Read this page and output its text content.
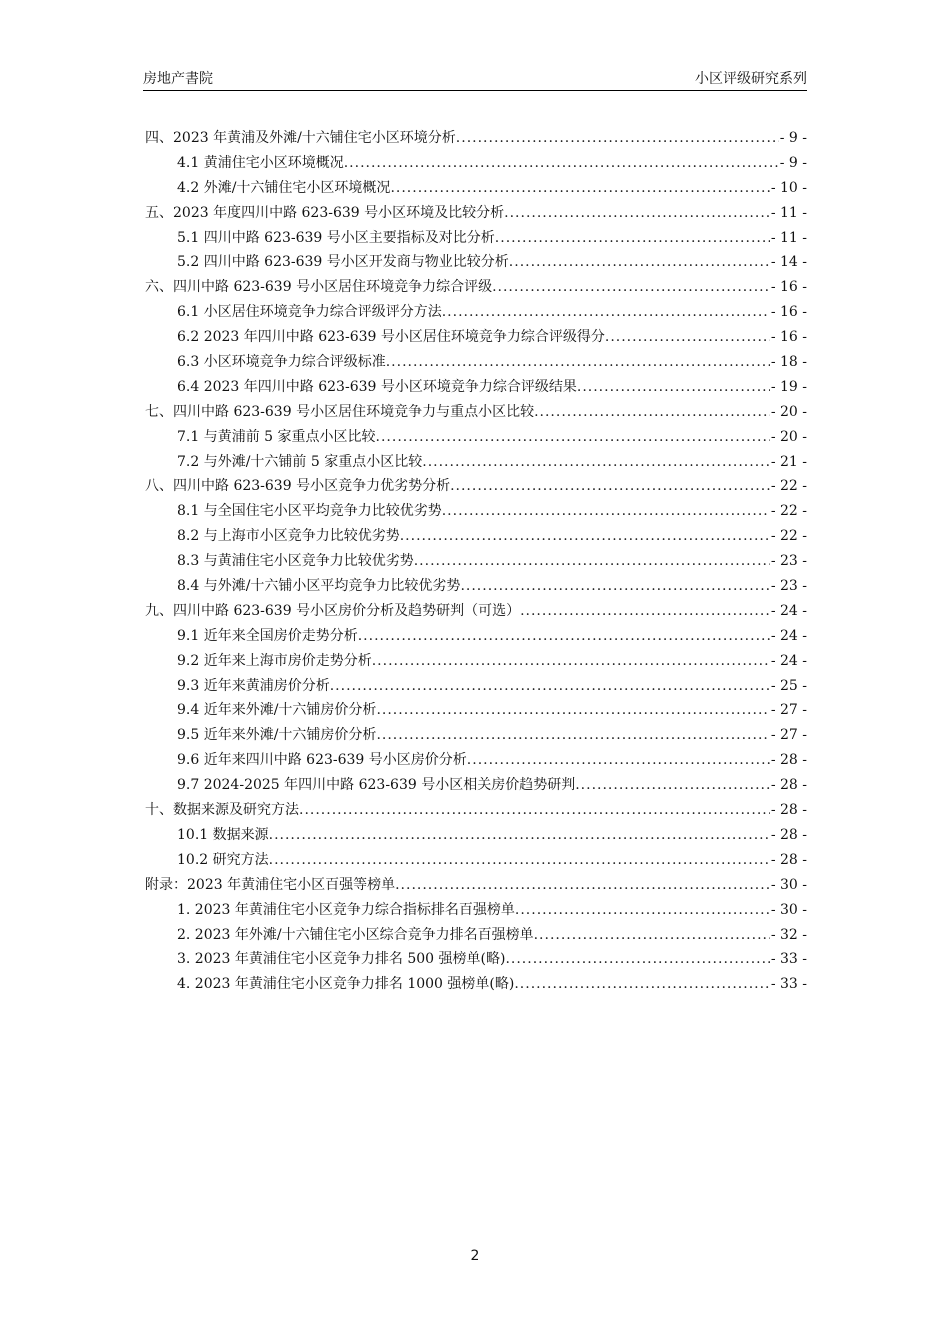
房地产書院	小区评级研究系列
四、2023 年黄浦及外滩/十六铺住宅小区环境分析 .....	- 9 -
4.1 黄浦住宅小区环境概况 .....	- 9 -
4.2 外滩/十六铺住宅小区环境概况 .....	- 10 -
五、2023 年度四川中路 623-639 号小区环境及比较分析 .....	- 11 -
5.1 四川中路 623-639 号小区主要指标及对比分析 .....	- 11 -
5.2 四川中路 623-639 号小区开发商与物业比较分析 .....	- 14 -
六、四川中路 623-639 号小区居住环境竞争力综合评级 .....	- 16 -
6.1 小区居住环境竞争力综合评级评分方法 .....	- 16 -
6.2 2023 年四川中路 623-639 号小区居住环境竞争力综合评级得分 .....	- 16 -
6.3 小区环境竞争力综合评级标准 .....	- 18 -
6.4 2023 年四川中路 623-639 号小区环境竞争力综合评级结果 .....	- 19 -
七、四川中路 623-639 号小区居住环境竞争力与重点小区比较 .....	- 20 -
7.1 与黄浦前 5 家重点小区比较 .....	- 20 -
7.2 与外滩/十六铺前 5 家重点小区比较 .....	- 21 -
八、四川中路 623-639 号小区竞争力优劣势分析 .....	- 22 -
8.1 与全国住宅小区平均竞争力比较优劣势 .....	- 22 -
8.2 与上海市小区竞争力比较优劣势 .....	- 22 -
8.3 与黄浦住宅小区竞争力比较优劣势 .....	- 23 -
8.4 与外滩/十六铺小区平均竞争力比较优劣势 .....	- 23 -
九、四川中路 623-639 号小区房价分析及趋势研判（可选） .....	- 24 -
9.1 近年来全国房价走势分析 .....	- 24 -
9.2 近年来上海市房价走势分析 .....	- 24 -
9.3 近年来黄浦房价分析 .....	- 25 -
9.4 近年来外滩/十六铺房价分析 .....	- 27 -
9.5 近年来外滩/十六铺房价分析 .....	- 27 -
9.6 近年来四川中路 623-639 号小区房价分析 .....	- 28 -
9.7 2024-2025 年四川中路 623-639 号小区相关房价趋势研判 .....	- 28 -
十、数据来源及研究方法 .....	- 28 -
10.1 数据来源 .....	- 28 -
10.2 研究方法 .....	- 28 -
附录：2023 年黄浦住宅小区百强等榜单 .....	- 30 -
1. 2023 年黄浦住宅小区竞争力综合指标排名百强榜单 .....	- 30 -
2. 2023 年外滩/十六铺住宅小区综合竞争力排名百强榜单 .....	- 32 -
3. 2023 年黄浦住宅小区竞争力排名 500 强榜单(略) .....	- 33 -
4. 2023 年黄浦住宅小区竞争力排名 1000 强榜单(略) .....	- 33 -
2
